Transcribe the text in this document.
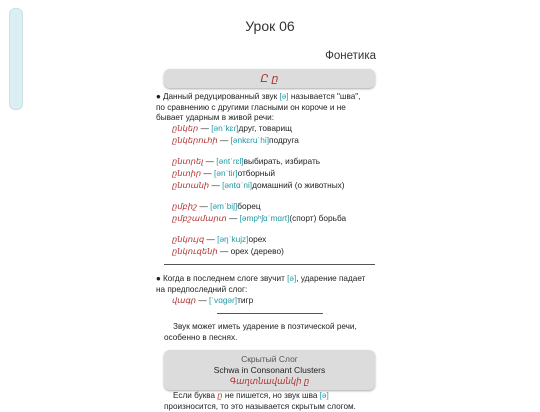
Урок 06
Фонетика
Ը ը
● Данный редуцированный звук [ə] называется "шва", по сравнению с другими гласными он короче и не бывает ударным в живой речи:
ընկեր — [ənˈkɛɾ]друг, товарищ
ընկերուհի — [ənkɛɾuˈhi]подруга
ընտրել — [əntˈɾɛl]выбирать, избирать
ընտիր — [ənˈtiɾ]отборный
ընտանի — [əntɑˈni]домашний (о животных)
ըմբիշ — [əmˈbiʃ]борец
ըմբշամարտ — [əmpʰʃɑˈmɑɾt](спорт) борьба
ընկույզ — [əŋˈkujz]орех
ընկուզենի — орех (дерево)
● Когда в последнем слоге звучит [ə], ударение падает на предпоследний слог:
վագր — [ˈvɑgəɾ]тигр
Звук может иметь ударение в поэтической речи, особенно в песнях.
Скрытый Слог
Schwa in Consonant Clusters
Գաղտնավանկի ը
Если буква ը не пишется, но звук шва [ə] произносится, то это называется скрытым слогом.
